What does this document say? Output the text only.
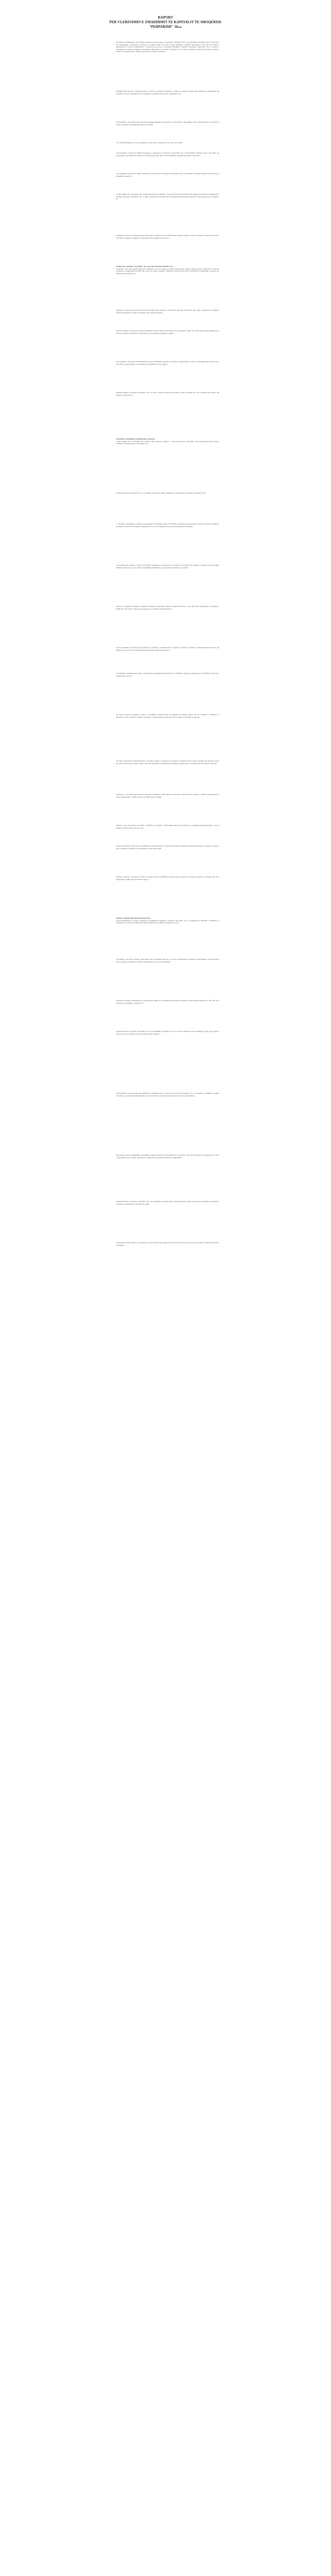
RAPORT
PER VLERESIMIN E ZMADHIMIT TE KAPITALIT TE SHOQERISE
"PERPARIMI" Sh.a.
Ne zbatim te Vendimit date 02.07.2008 te Asamblese se Aksionareve te Shoqerise "Perparimi" Sh.a. "Per miratimin e Rregullit Vjetor te vitit 2007, per shperndarjen e dividenteve te fitimeve te realizuara gjate vitit 2007, si dhe zmadhimin e kapitalit nga fitimet e vitit 2007 dhe fitimet e pashperndara te viteve te meparshme", u kerkua nga ana juaj te vleresohej zmadhimi i kapitalit te shoqerise "Perparimi" Sh.a. si rezultat i konvertimit ne aksione te fitimit te pashperndare dhe fitimit te vitit 2007 te miratuar per t'u kthyer ne kapital. Ne kete raport jepen te dhenat e fitimeve te realizuara dhe te fitimeve qe kalojne ne kapital te shoqerise.
Verifikimi dhe vleresimi i dokumentacionit u beson ne perputhje me kerkesat e Ligjit per shoqerite tregtare dhe standardet e kontabilitetit. Per realizimin e detyres u mbeshtetem ne dokumentet e paraqitura nga shoqeria "Perparimi" Sh.a.
Per realizimin e vleresimit te kesaj kapitali (zmadhim kapitali) jane shqyrtuar ne detaj faktet e meposhtme, si dhe dokumentacioni qe rezulton ne dosjet e shoqerise dhe dokumentet ligjore e kontabel:
1-Ne Hollim Vendimet te vitit te Asamblese se Aksionareve "Perparimi" Sh.a. date 02.07.2008.
2-Ne Vendimin e dates 02.07.2008 te Asamblese se Aksionareve te Shoqerise "Perparimi" Sh.a. "Per miratimin e Bilancit vjetor te vitit 2007, per shperndarjen e dividenteve te fitimeve te realizuara gjate vitit 2007, si dhe zmadhimin e kapitalit nga fitimet e vitit 2007".
3-Ne Vendimin e dates 02.07.2008 te Asamblese se Aksionareve te Shoqerise "Perparimi" Sh.a. per emerimin e ekspertit kontabel te autorizuar per zmadhimin e kapitalit.
4-Ligji nr.9901 date 14.04.2008 "Per Tregtaret dhe Shoqerite Tregtare". 5-Ligji nr.9723 date 03.05.2007 "Per Qendren Kombetare te Regjistrimit". 6-Statuti i shoqerise "Perparimi" Sh.a. 7-Ligji nr.9228 date 29.04.2004 "Per Kontabilitetin dhe Pasqyrat Financiare" dhe Rregullorja per zbatimin e tij.
Dokumentacioni baze qe eshte paraqitur nga shoqeria "Perparimi" Sh.a. perbehet nga: ekstrakti i QKR-se, statuti i shoqerise, pasqyrat financiare te vitit 2007, vendimet e Asamblese se Aksionareve dhe regjistri i aksionareve.
Ti dhena per shoqerine "Perparimi" Sh.a. per aktivitetin dhe kapitalin e saj.
"Perparimi" Sh.a. eshte shoqeri aksionare e themeluar ne baze te Ligjit per tregtaret dhe shoqerite tregtare. Shoqeria eshte e regjistruar ne Qendren Kombetare te Regjistrimit me NIPT dhe vepron ne Tirane. Vendimi i Gjykates se Rrethit Tirane date 26.04.2000 per regjistrimin e shoqerise ka sanksionuar aktivitetin e saj.
Aksionaret e shoqerise jane persona fizike dhe juridike sipas regjistrit te aksionareve. Shoqeria "Perparimi" Sh.a. eshte e regjistruar ne Regjistrin Tregtar dhe kapitali i saj eshte i nenshkruar dhe i paguar plotesisht.
Kapitali themeltar i shoqerise ne daten e themelimit ka qene i ndare ne aksione me vlere nominale te njejte. Ne vijim, kapitali eshte zmadhuar disa here me vendime te Asamblese se Aksionareve dhe regjistrime perkatese ne QKR.
Me Vendimin e dates 02.07.2008 Asambleja miratoi zmadhimin e kapitalit me fitimet e pashperndara te viteve te meparshme dhe fitimin neto te vitit 2007, pas shperndarjes se dividenteve dhe krijimit te rezerves ligjore.
Kapitali themeltar i shoqerise "Perparimi" Sh.a. ne date te hartimit te ketij raporti eshte i ndare ne aksione me vlere nominale sipas statutit dhe regjistrit te aksionareve.
Pershkrimi e zmadhimit te kapitalit dhe te shoqerise
1-Ligji nr.9901 date 14.04.2008 "Per Tregtaret dhe Shoqerite Tregtare". 2-Ligji nr.9228 date 29.04.2004 "Per Kontabilitetin dhe Pasqyrat Financiare" dhe Rregullorja per zbatimin e tij.
i) Statuti i shoqerise "Perparimi" Sh.a. ii) Vendimi i datee 02.07.2008 i Asamblese se Aksionareve te Shoqerise "Perparimi" Sh.a.
2 - Realizimi i zmadhimit te kapitalit. Ne perputhje me Vendimin e dates 02.07.2008 te Asamblese se Aksionareve, kapitali i shoqerise zmadhohet me fitimet e vitit 2007 dhe fitimet e pashperndara te viteve te meparshme qe nuk jane shperndare si dividente.
Ne perputhje me Vendimin e dates 02.07.2008 te Asamblese se Aksionareve te Shoqerise "Perparimi" Sh.a. kapitali i shoqerise rritet nepermjet leshimit te aksioneve te reja, te cilat u shperndahen aksionareve ne perpjestim me aksionet qe zoterojne.
Perpara se realizohet zmadhimi i kapitalit, Asambleja e Aksionareve miratoi pasqyrat financiare te vitit 2007 dhe shperndarjen e dividenteve. Fitimi neto i vitit 2007 rezulton sipas pasqyres se te ardhurave dhe shpenzimeve.
Per kete verifikim, kontrolluam dhe vertetuam: i) kapitalin e nenshkruar dhe te paguar te shoqerise; ii) fitimet e pashperndara sipas bilancit; iii) fitimin neto te vitit 2007; iv) shperndarjen e dividenteve dhe rezervat ligjore.
a) Verifikimi i dokumentacionit ligjor; b) Verifikimi i dokumentacionit kontabel; c) Verifikimi i regjistrit te aksionareve; d) Verifikimi i llogarive te kapitalit dhe rezervave.
Ne vijim te ketyre procedurave, rezultoi se zmadhimi i kapitalit eshte ne perputhje me kerkesat ligjore dhe me vendimin e Asamblese se Aksionareve, dhe qe shumat e fitimeve qe kalojne ne kapital jane te pasqyruara sakte ne pasqyrat financiare te shoqerise.
Ne vijim te kontrollit te dokumentacionit te paraqitur, rezulton se shoqeria ka nje kapital te regjistruar dhe te paguar plotesisht, me aksione te njejta me vlere nominale sipas statutit. Fitimi i vitit 2007 dhe fitimet e pashperndara qe kalojne ne kapital jane te dokumentuara ne bilancin e miratuar.
-Fitimi neto i vitit 2007 sipas bilancit te miratuar; -Dividente te shperndara per aksionaret; -Rezerva ligjore e krijuar; -Fitime te pashperndara te viteve te meparshme; -Shuma qe kalon ne kapital sipas vendimit.
Aksionet e reja qe leshohen si rezultat i zmadhimit te kapitalit u shperndahen aksionareve ekzistues ne perpjestim me pjesemarrjen e tyre ne kapital, pa pagese shtese nga ana e tyre.
Gjendja e kapitalit te shoqerise pas zmadhimit te kapitalit rezulton e barabarte me shumen e kapitalit ekzistues dhe fitimeve qe kalojne ne kapital, sipas vendimit te Asamblese se Aksionareve te dates 02.07.2008.
Gjendja e kapitalit te shoqerise ne daten 31.12.2007 dhe pas zmadhimit te kapitalit eshte pasqyruar ne regjistrat kontabel te shoqerise dhe do te regjistrohet ne QKR sipas procedurave ligjore.
Zbatimi e realizimi dhe dokumentacionit baze.
Gjate dokumentimit te te gjitha veprimeve te zmadhimit te kapitalit te shoqerise "Perparimi" Sh.a. ne perputhje me Vendimin e Asamblese se Aksionareve te dates 02.07.2008, jane ndjekur rregullat e percaktuara ne ligj dhe ne statut.
Ne bilancin e vitit 2007, shoqeria "Perparimi" Sh.a. ka realizuar fitim neto, i cili pas shperndarjes se dividenteve dhe krijimit te rezerves ligjore kalon ne kapital, se bashku me fitimet e pashperndara te viteve te meparshme.
Shoqeria ka mbajtur kontabilitetin ne perputhje me Ligjin per kontabilitetin dhe pasqyrat financiare, dhe pasqyrat financiare te vitit 2007 jane miratuar nga Asambleja e Aksionareve.
Kapitali themeltar i shoqerise "Perparimi" Sh.a. pas zmadhimit te kapitalit do te jete i ndare ne aksione me vlere nominale te njejte, dhe regjistri i aksionareve do te perditesohet ne perputhje me kete zmadhim.
Ne perfundim te ketij vleresimi dhe shqyrtimit te dokumentacionit te paraqitur nga shoqeria "Perparimi" Sh.a., vleresojme se zmadhimi i kapitalit eshte kryer ne perputhje me kerkesat ligjore, dhe qe shumat qe kalojne ne kapital jane reale dhe te dokumentuara.
Nga analiza e kryer, konkludojme se zmadhimi i kapitalit te shoqerise "Perparimi" Sh.a. me fitimet e vitit 2007 dhe fitimet e pashperndara te viteve te meparshme eshte i rregullt, dhe mund te regjistrohet ne Qendren Kombetare te Regjistrimit.
Kapitali themeltar i shoqerise "Perparimi" Sh.a. pas zmadhimit te kapitalit eshte i nenshkruar dhe i paguar plotesisht ne perputhje me vendimin e Asamblese se Aksionareve dhe kerkesat e ligjit.
"Perparimi Trading Limited" ka pjesemarrjen e saj ne kapital sipas regjistrit te aksionareve dhe aksionet e reja i shperndahen ne perpjestim me kete pjesemarrje.
